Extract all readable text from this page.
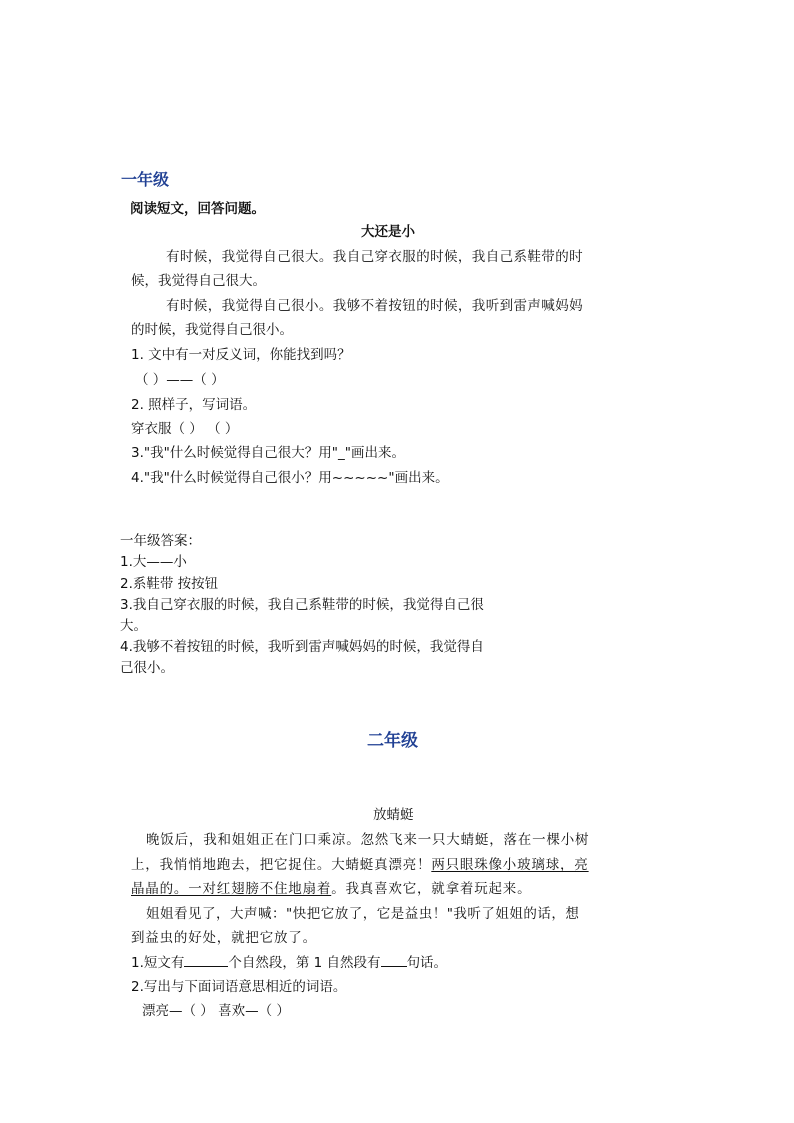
一年级
阅读短文，回答问题。
大还是小
有时候，我觉得自己很大。我自己穿衣服的时候，我自己系鞋带的时
候，我觉得自己很大。
有时候，我觉得自己很小。我够不着按钮的时候，我听到雷声喊妈妈
的时候，我觉得自己很小。
1. 文中有一对反义词，你能找到吗？
（ ）——（ ）
2. 照样子，写词语。
穿衣服（ ） （ ）
3."我"什么时候觉得自己很大？用"_"画出来。
4."我"什么时候觉得自己很小？用~~~~~"画出来。
一年级答案：
1.大——小
2.系鞋带 按按钮
3.我自己穿衣服的时候，我自己系鞋带的时候，我觉得自己很
大。
4.我够不着按钮的时候，我听到雷声喊妈妈的时候，我觉得自
己很小。
二年级
放蜻蜓
晚饭后，我和姐姐正在门口乘凉。忽然飞来一只大蜻蜓，落在一棵小树
上，我悄悄地跑去，把它捉住。大蜻蜓真漂亮！两只眼珠像小玻璃球，亮
晶晶的。一对红翅膀不住地扇着。我真喜欢它，就拿着玩起来。
姐姐看见了，大声喊："快把它放了，它是益虫！"我听了姐姐的话，想
到益虫的好处，就把它放了。
1.短文有	个自然段，第 1 自然段有 句话。
2.写出与下面词语意思相近的词语。
漂亮—（ ） 喜欢—（ ）
